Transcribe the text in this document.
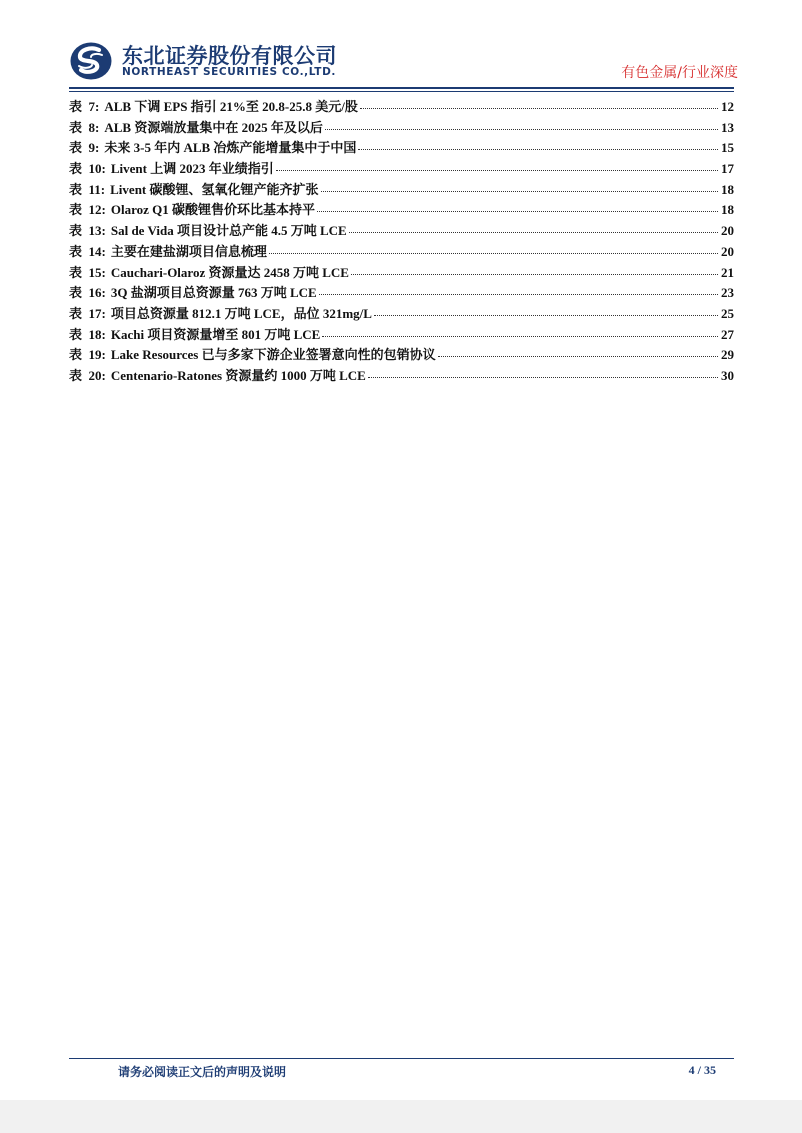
东北证券股份有限公司
NORTHEAST SECURITIES CO.,LTD.	有色金属/行业深度
表 7: ALB 下调 EPS 指引 21%至 20.8-25.8 美元/股	12
表 8: ALB 资源端放量集中在 2025 年及以后	13
表 9: 未来 3-5 年内 ALB 冶炼产能增量集中于中国	15
表 10: Livent 上调 2023 年业绩指引	17
表 11: Livent 碳酸锂、氢氧化锂产能齐扩张	18
表 12: Olaroz Q1 碳酸锂售价环比基本持平	18
表 13: Sal de Vida 项目设计总产能 4.5 万吨 LCE	20
表 14: 主要在建盐湖项目信息梳理	20
表 15: Cauchari-Olaroz 资源量达 2458 万吨 LCE	21
表 16: 3Q 盐湖项目总资源量 763 万吨 LCE	23
表 17: 项目总资源量 812.1 万吨 LCE，品位 321mg/L	25
表 18: Kachi 项目资源量增至 801 万吨 LCE	27
表 19: Lake Resources 已与多家下游企业签署意向性的包销协议	29
表 20: Centenario-Ratones 资源量约 1000 万吨 LCE	30
请务必阅读正文后的声明及说明	4 / 35
